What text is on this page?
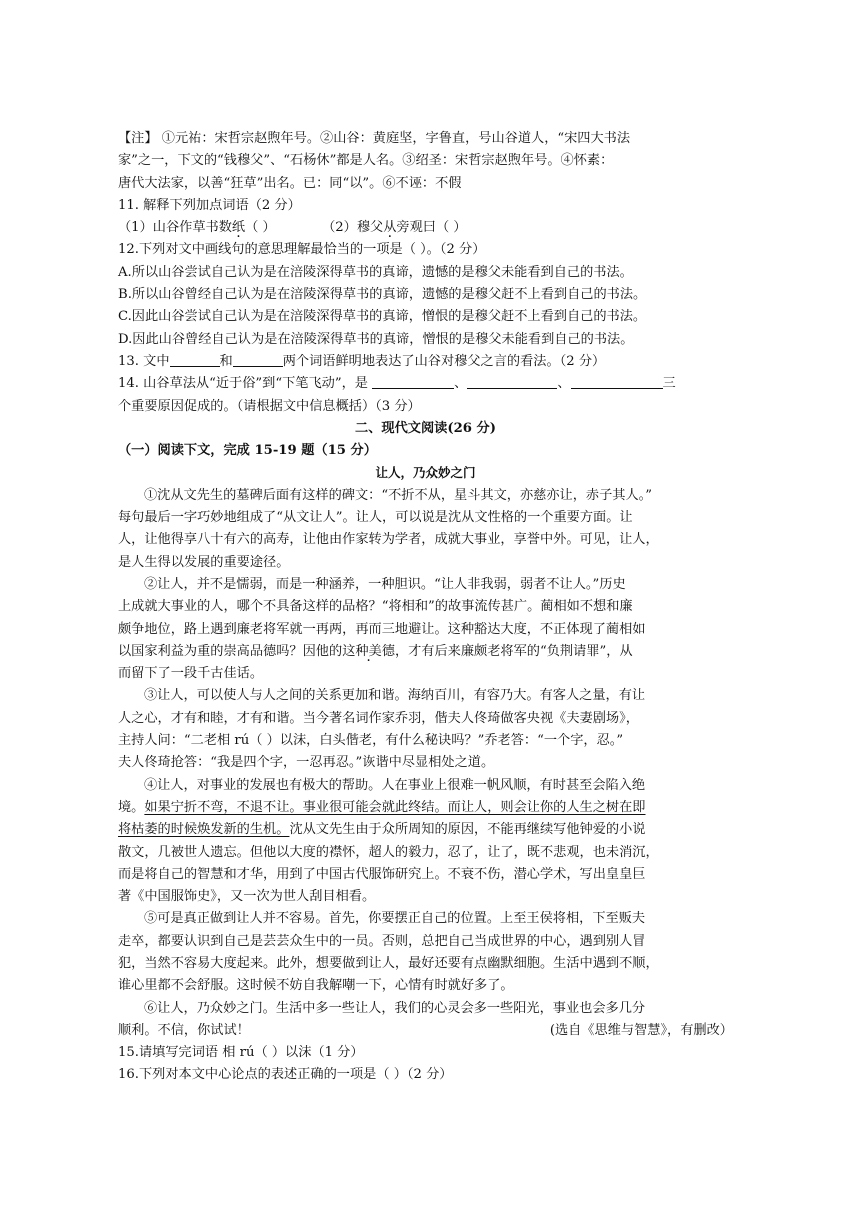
【注】 ①元祐：宋哲宗赵煦年号。②山谷：黄庭坚，字鲁直，号山谷道人，“宋四大书法
家”之一，下文的“钱穆父”、“石杨休”都是人名。③绍圣：宋哲宗赵煦年号。④怀素：
唐代大法家，以善“狂草”出名。已：同“以”。⑥不诬：不假
11. 解释下列加点词语（2 分）
（1）山谷作草书数纸（ ）	（2）穆父从旁观曰（ ）
12.下列对文中画线句的意思理解最恰当的一项是（ ）。（2 分）
A.所以山谷尝试自己认为是在涪陵深得草书的真谛，遗憾的是穆父未能看到自己的书法。
B.所以山谷曾经自己认为是在涪陵深得草书的真谛，遗憾的是穆父赶不上看到自己的书法。
C.因此山谷尝试自己认为是在涪陵深得草书的真谛，憎恨的是穆父赶不上看到自己的书法。
D.因此山谷曾经自己认为是在涪陵深得草书的真谛，憎恨的是穆父未能看到自己的书法。
13. 文中	和	两个词语鲜明地表达了山谷对穆父之言的看法。（2 分）
14. 山谷草法从“近于俗”到“下笔飞动”，是	、	、	三
个重要原因促成的。（请根据文中信息概括）（3 分）
二、现代文阅读(26 分)
（一）阅读下文，完成 15-19 题（15 分）
让人，乃众妙之门
①沈从文先生的墓碑后面有这样的碑文：“不折不从，星斗其文，亦慈亦让，赤子其人。”
每句最后一字巧妙地组成了“从文让人”。让人，可以说是沈从文性格的一个重要方面。让
人，让他得享八十有六的高寿，让他由作家转为学者，成就大事业，享誉中外。可见，让人，
是人生得以发展的重要途径。
②让人，并不是懦弱，而是一种涵养，一种胆识。“让人非我弱，弱者不让人。”历史
上成就大事业的人，哪个不具备这样的品格？“将相和”的故事流传甚广。蔺相如不想和廉
颇争地位，路上遇到廉老将军就一再两，再而三地避让。这种豁达大度，不正体现了蔺相如
以国家利益为重的崇高品德吗？因他的这种美德，才有后来廉颇老将军的“负荆请罪”，从
而留下了一段千古佳话。
③让人，可以使人与人之间的关系更加和谐。海纳百川，有容乃大。有客人之量，有让
人之心，才有和睦，才有和谐。当今著名词作家乔羽，偕夫人佟琦做客央视《夫妻剧场》，
主持人问：“二老相 rú（ ）以沫，白头偕老，有什么秘诀吗？”乔老答：“一个字，忍。”
夫人佟琦抢答：“我是四个字，一忍再忍。”诙谐中尽显相处之道。
④让人，对事业的发展也有极大的帮助。人在事业上很难一帆风顺，有时甚至会陷入绝
境。如果宁折不弯，不退不让。事业很可能会就此终结。而让人，则会让你的人生之树在即
将枯萎的时候焕发新的生机。沈从文先生由于众所周知的原因，不能再继续写他钟爱的小说
散文，几被世人遗忘。但他以大度的襟怀，超人的毅力，忍了，让了，既不悲观，也未消沉，
而是将自己的智慧和才华，用到了中国古代服饰研究上。不衰不伤，潜心学术，写出皇皇巨
著《中国服饰史》，又一次为世人刮目相看。
⑤可是真正做到让人并不容易。首先，你要摆正自己的位置。上至王侯将相，下至贩夫
走卒，都要认识到自己是芸芸众生中的一员。否则，总把自己当成世界的中心，遇到别人冒
犯，当然不容易大度起来。此外，想要做到让人，最好还要有点幽默细胞。生活中遇到不顺，
谁心里都不会舒服。这时候不妨自我解嘲一下，心情有时就好多了。
⑥让人，乃众妙之门。生活中多一些让人，我们的心灵会多一些阳光，事业也会多几分
顺利。不信，你试试！	(选自《思维与智慧》，有删改）
15.请填写完词语 相 rú（ ）以沫（1 分）
16.下列对本文中心论点的表述正确的一项是（ ）（2 分）
